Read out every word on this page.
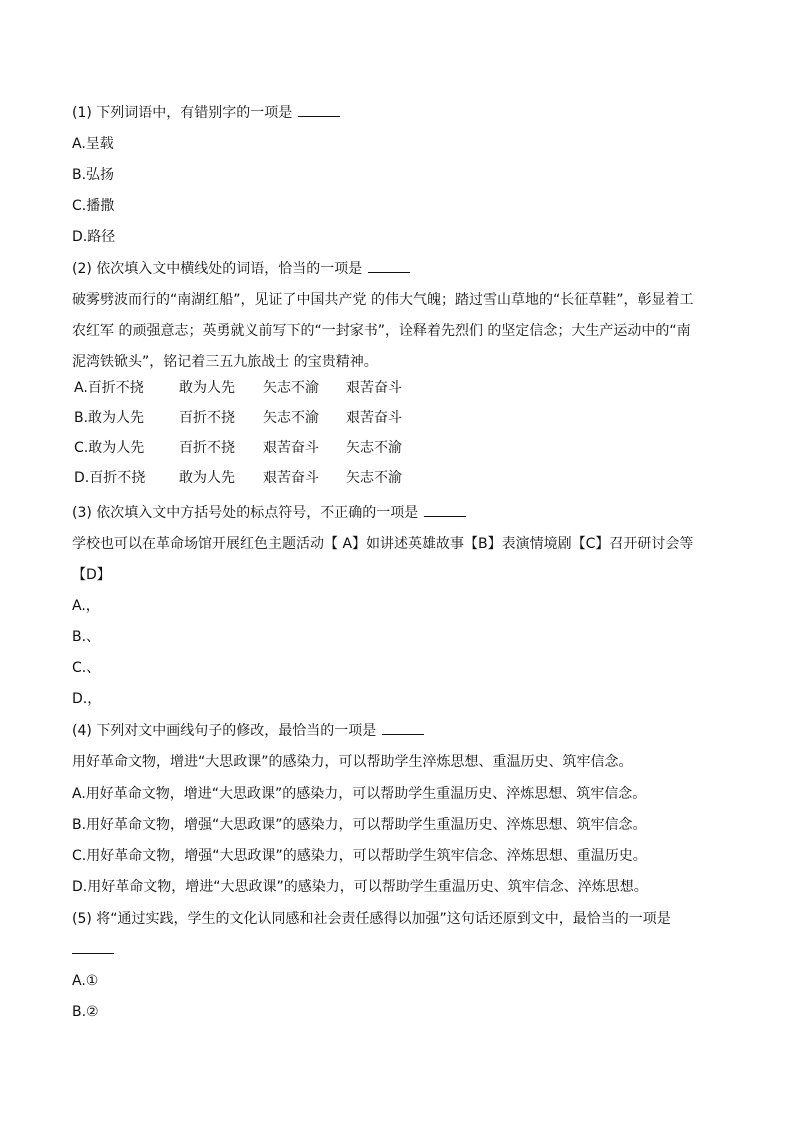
(1) 下列词语中，有错别字的一项是
A.呈载
B.弘扬
C.播撒
D.路径
(2) 依次填入文中横线处的词语，恰当的一项是
破雾劈波而行的“南湖红船”，见证了中国共产党 的伟大气魄；踏过雪山草地的“长征草鞋”，彰显着工
农红军 的顽强意志；英勇就义前写下的“一封家书”，诠释着先烈们 的坚定信念；大生产运动中的“南
泥湾铁锨头”，铭记着三五九旅战士 的宝贵精神。
A.百折不挠	敢为人先 矢志不渝 艰苦奋斗
B.敢为人先 百折不挠 矢志不渝 艰苦奋斗
C.敢为人先 百折不挠 艰苦奋斗 矢志不渝
D.百折不挠 敢为人先 艰苦奋斗 矢志不渝
(3) 依次填入文中方括号处的标点符号，不正确的一项是
学校也可以在革命场馆开展红色主题活动【 A】如讲述英雄故事【B】表演情境剧【C】召开研讨会等
【D】
A.，
B.、
C.、
D.，
(4) 下列对文中画线句子的修改，最恰当的一项是
用好革命文物，增进“大思政课”的感染力，可以帮助学生淬炼思想、重温历史、筑牢信念。
A.用好革命文物，增进“大思政课”的感染力，可以帮助学生重温历史、淬炼思想、筑牢信念。
B.用好革命文物，增强“大思政课”的感染力，可以帮助学生重温历史、淬炼思想、筑牢信念。
C.用好革命文物，增强“大思政课”的感染力，可以帮助学生筑牢信念、淬炼思想、重温历史。
D.用好革命文物，增进“大思政课”的感染力，可以帮助学生重温历史、筑牢信念、淬炼思想。
(5) 将“通过实践，学生的文化认同感和社会责任感得以加强”这句话还原到文中，最恰当的一项是
A.①
B.②
